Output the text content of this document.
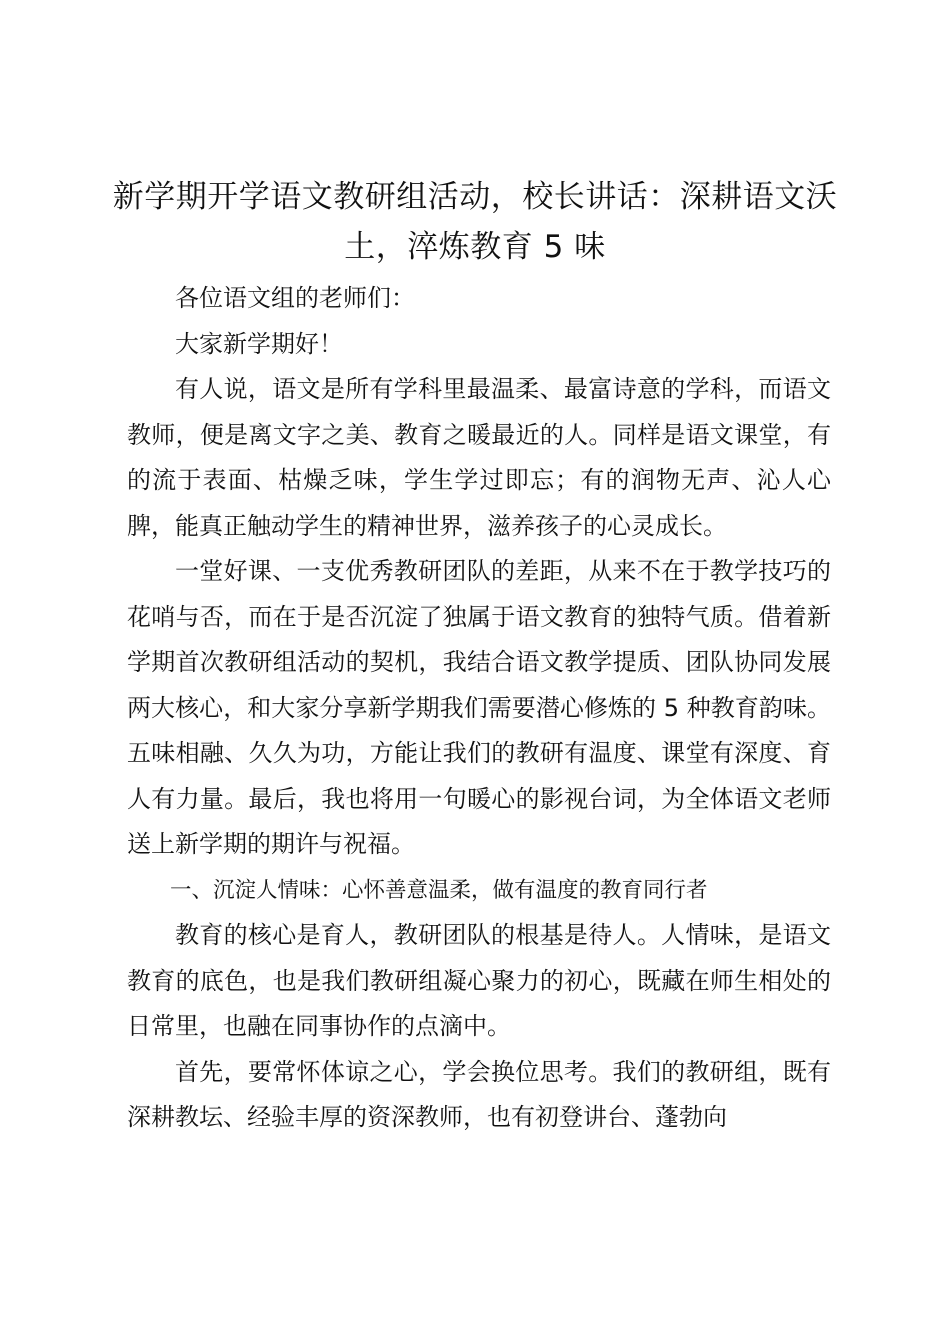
新学期开学语文教研组活动，校长讲话：深耕语文沃土，淬炼教育 5 味

各位语文组的老师们：

大家新学期好！

有人说，语文是所有学科里最温柔、最富诗意的学科，而语文教师，便是离文字之美、教育之暖最近的人。同样是语文课堂，有的流于表面、枯燥乏味，学生学过即忘；有的润物无声、沁人心脾，能真正触动学生的精神世界，滋养孩子的心灵成长。

一堂好课、一支优秀教研团队的差距，从来不在于教学技巧的花哨与否，而在于是否沉淀了独属于语文教育的独特气质。借着新学期首次教研组活动的契机，我结合语文教学提质、团队协同发展两大核心，和大家分享新学期我们需要潜心修炼的 5 种教育韵味。五味相融、久久为功，方能让我们的教研有温度、课堂有深度、育人有力量。最后，我也将用一句暖心的影视台词，为全体语文老师送上新学期的期许与祝福。

一、沉淀人情味：心怀善意温柔，做有温度的教育同行者

教育的核心是育人，教研团队的根基是待人。人情味，是语文教育的底色，也是我们教研组凝心聚力的初心，既藏在师生相处的日常里，也融在同事协作的点滴中。

首先，要常怀体谅之心，学会换位思考。我们的教研组，既有深耕教坛、经验丰厚的资深教师，也有初登讲台、蓬勃向
